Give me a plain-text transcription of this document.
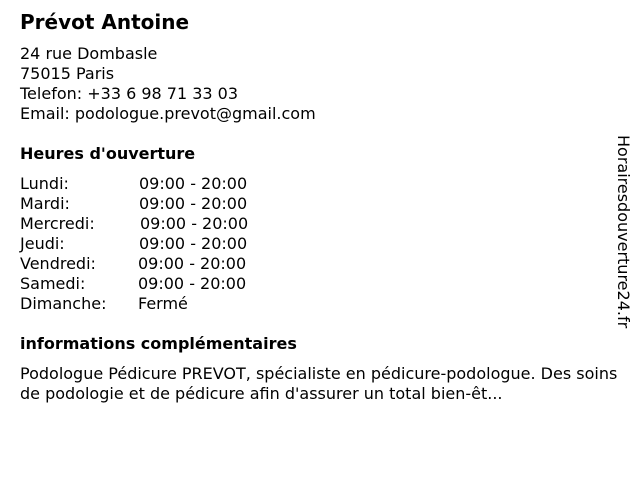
Prévot Antoine
24 rue Dombasle
75015 Paris
Telefon: +33 6 98 71 33 03
Email: podologue.prevot@gmail.com
Heures d'ouverture
Lundi:	09:00 - 20:00
Mardi:	09:00 - 20:00
Mercredi:	09:00 - 20:00
Jeudi:	09:00 - 20:00
Vendredi:	09:00 - 20:00
Samedi:	09:00 - 20:00
Dimanche: Fermé
informations complémentaires

Podologue Pédicure PREVOT, spécialiste en pédicure-podologue. Des soins de podologie et de pédicure afin d'assurer un total bien-êt...

Horairesdouverture24.fr
